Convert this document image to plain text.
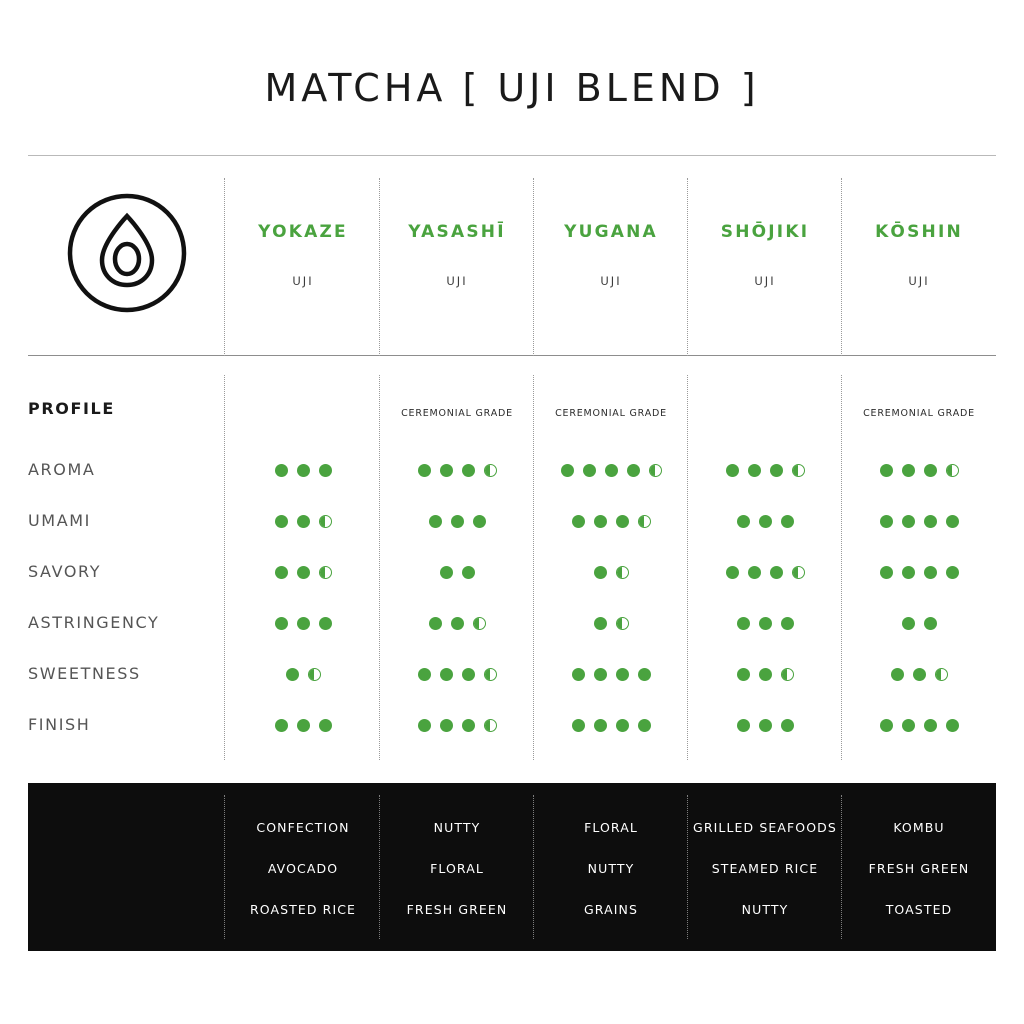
MATCHA [ UJI BLEND ]
YOKAZE
UJI
YASASHĪ
UJI
YUGANA
UJI
SHŌJIKI
UJI
KŌSHIN
UJI
PROFILE
AROMA
UMAMI
SAVORY
ASTRINGENCY
SWEETNESS
FINISH
CEREMONIAL GRADE	CEREMONIAL GRADE	CEREMONIAL GRADE
AROMA NOTE
CONFECTION
AVOCADO
ROASTED RICE
NUTTY
FLORAL
FRESH GREEN
FLORAL
NUTTY
GRAINS
GRILLED SEAFOODS
STEAMED RICE
NUTTY
KOMBU
FRESH GREEN
TOASTED
